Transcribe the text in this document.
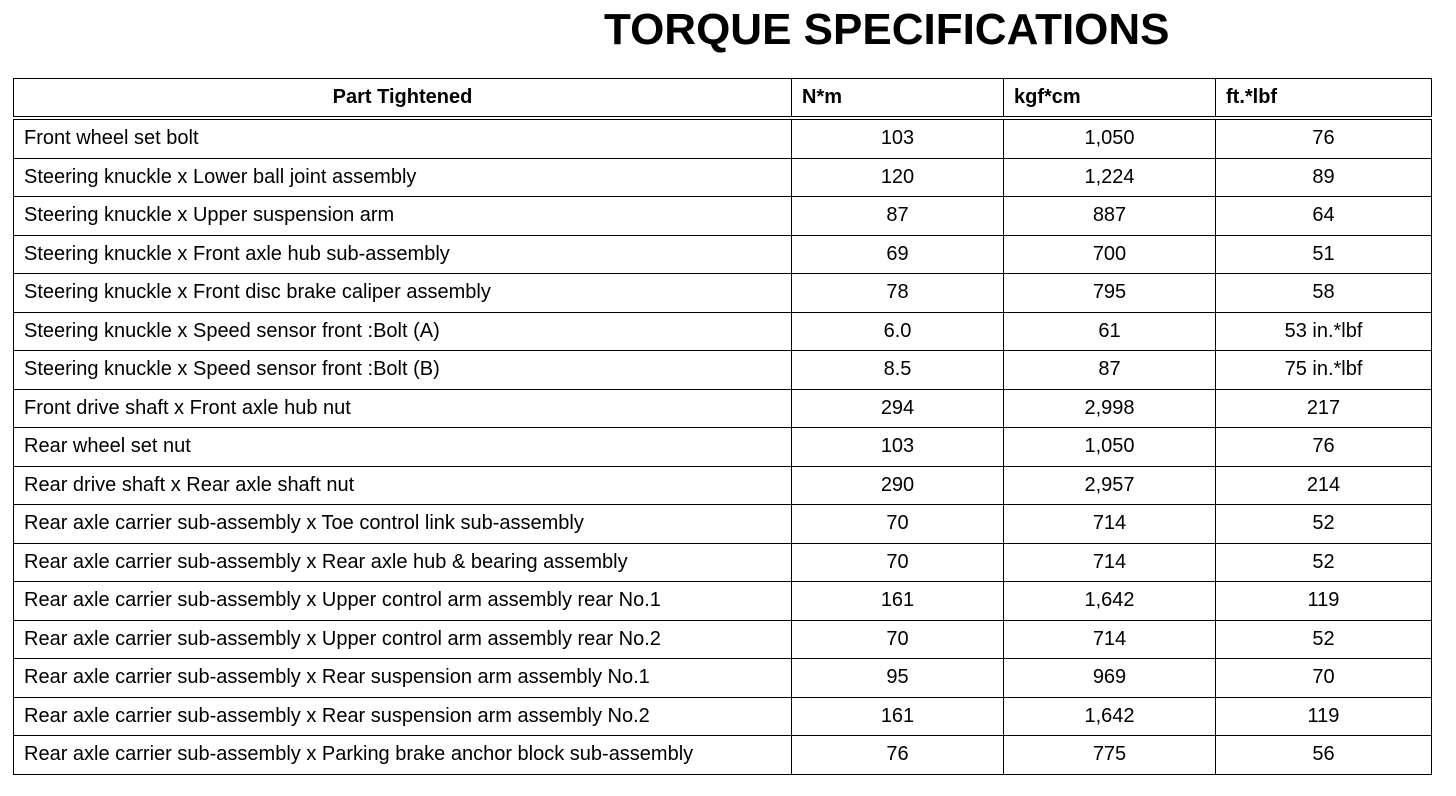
TORQUE SPECIFICATIONS
Part Tightened	N*m	kgf*cm	ft.*lbf
Front wheel set bolt	103	1,050	76
Steering knuckle x Lower ball joint assembly	120	1,224	89
Steering knuckle x Upper suspension arm	87	887	64
Steering knuckle x Front axle hub sub-assembly	69	700	51
Steering knuckle x Front disc brake caliper assembly	78	795	58
Steering knuckle x Speed sensor front :Bolt (A)	6.0	61	53 in.*lbf
Steering knuckle x Speed sensor front :Bolt (B)	8.5	87	75 in.*lbf
Front drive shaft x Front axle hub nut	294	2,998	217
Rear wheel set nut	103	1,050	76
Rear drive shaft x Rear axle shaft nut	290	2,957	214
Rear axle carrier sub-assembly x Toe control link sub-assembly	70	714	52
Rear axle carrier sub-assembly x Rear axle hub & bearing assembly	70	714	52
Rear axle carrier sub-assembly x Upper control arm assembly rear No.1	161	1,642	119
Rear axle carrier sub-assembly x Upper control arm assembly rear No.2	70	714	52
Rear axle carrier sub-assembly x Rear suspension arm assembly No.1	95	969	70
Rear axle carrier sub-assembly x Rear suspension arm assembly No.2	161	1,642	119
Rear axle carrier sub-assembly x Parking brake anchor block sub-assembly	76	775	56
